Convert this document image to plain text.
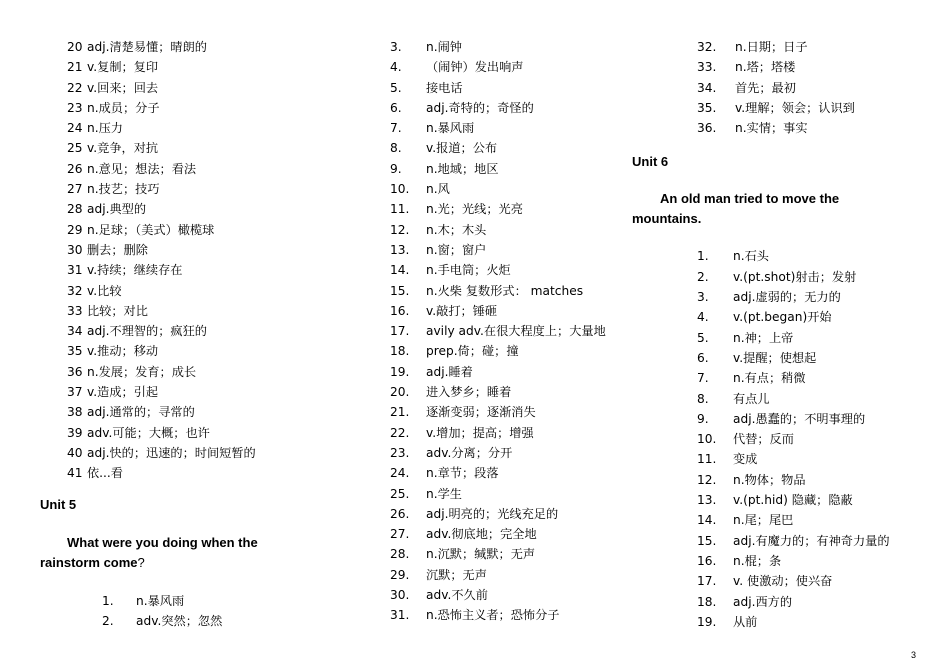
20 adj.清楚易懂；晴朗的
21 v.复制；复印
22 v.回来；回去
23 n.成员；分子
24 n.压力
25 v.竞争，对抗
26 n.意见；想法；看法
27 n.技艺；技巧
28 adj.典型的
29 n.足球；（美式）橄榄球
30 删去；删除
31 v.持续；继续存在
32 v.比较
33 比较；对比
34 adj.不理智的；疯狂的
35 v.推动；移动
36 n.发展；发育；成长
37 v.造成；引起
38 adj.通常的；寻常的
39 adv.可能；大概；也许
40 adj.快的；迅速的；时间短暂的
41 依...看
Unit 5
What were you doing when the
rainstorm come?
1.	n.暴风雨
2.	adv.突然；忽然
3.	n.闹钟
4.	（闹钟）发出响声
5.	接电话
6.	adj.奇特的；奇怪的
7.	n.暴风雨
8.	v.报道；公布
9.	n.地域；地区
10.	n.风
11.	n.光；光线；光亮
12.	n.木；木头
13.	n.窗；窗户
14.	n.手电筒；火炬
15.	n.火柴 复数形式： matches
16.	v.敲打；锤砸
17.	avily adv.在很大程度上；大量地
18.	prep.倚；碰；撞
19.	adj.睡着
20.	进入梦乡；睡着
21.	逐渐变弱；逐渐消失
22.	v.增加；提高；增强
23.	adv.分离；分开
24.	n.章节；段落
25.	n.学生
26.	adj.明亮的；光线充足的
27.	adv.彻底地；完全地
28.	n.沉默；缄默；无声
29.	沉默；无声
30.	adv.不久前
31.	n.恐怖主义者；恐怖分子
32.	n.日期；日子
33.	n.塔；塔楼
34.	首先；最初
35.	v.理解；领会；认识到
36.	n.实情；事实
Unit 6
An old man tried to move the
mountains.
1.	n.石头
2.	v.(pt.shot)射击；发射
3.	adj.虚弱的；无力的
4.	v.(pt.began)开始
5.	n.神；上帝
6.	v.提醒；使想起
7.	n.有点；稍微
8.	有点儿
9.	adj.愚蠢的；不明事理的
10.	代替；反而
11.	变成
12.	n.物体；物品
13.	v.(pt.hid) 隐藏；隐蔽
14.	n.尾；尾巴
15.	adj.有魔力的；有神奇力量的
16.	n.棍；条
17.	v. 使激动；使兴奋
18.	adj.西方的
19.	从前
3
